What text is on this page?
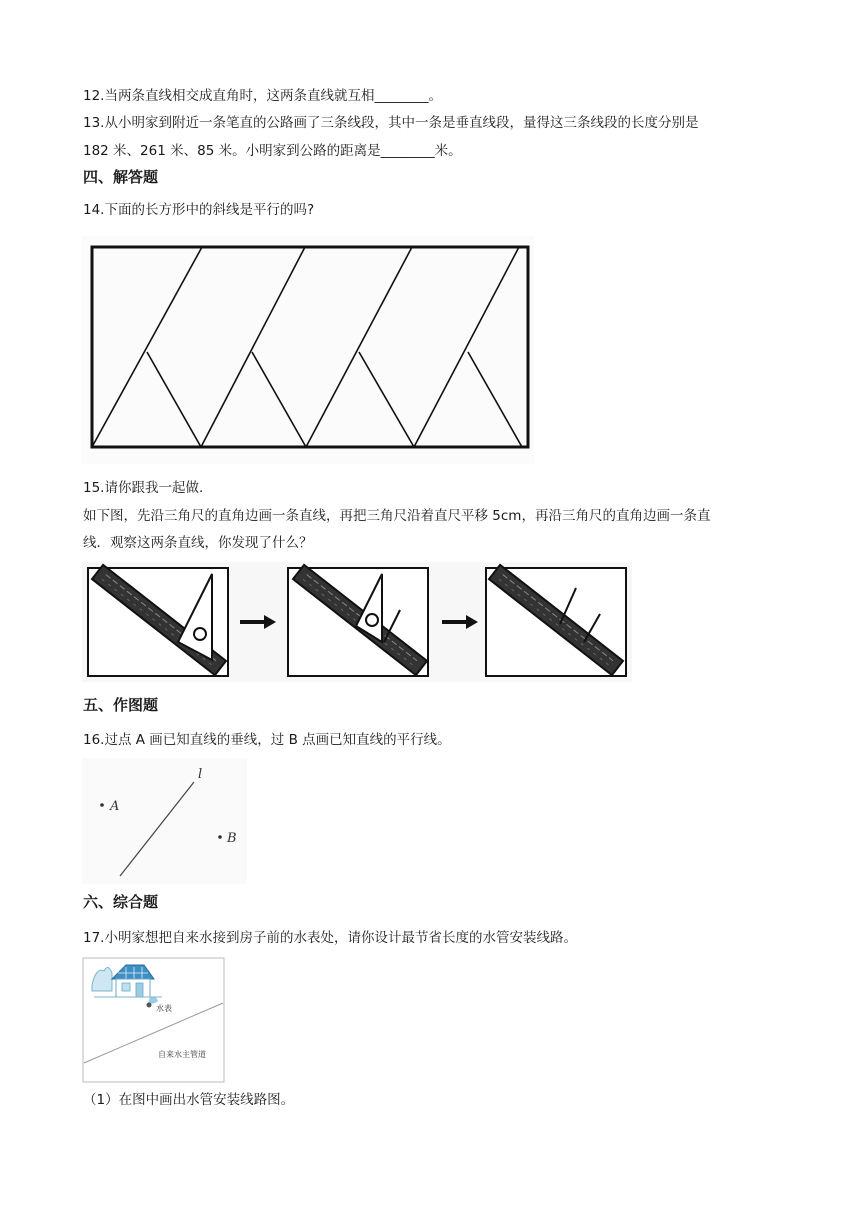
12.当两条直线相交成直角时，这两条直线就互相________。
13.从小明家到附近一条笔直的公路画了三条线段，其中一条是垂直线段，量得这三条线段的长度分别是
182 米、261 米、85 米。小明家到公路的距离是________米。
四、解答题
14.下面的长方形中的斜线是平行的吗?
15.请你跟我一起做.
如下图，先沿三角尺的直角边画一条直线，再把三角尺沿着直尺平移 5cm，再沿三角尺的直角边画一条直
线．观察这两条直线，你发现了什么？
五、作图题
16.过点 A 画已知直线的垂线，过 B 点画已知直线的平行线。
l
A
B
六、综合题
17.小明家想把自来水接到房子前的水表处，请你设计最节省长度的水管安装线路。
水表
自来水主管道
（1）在图中画出水管安装线路图。
